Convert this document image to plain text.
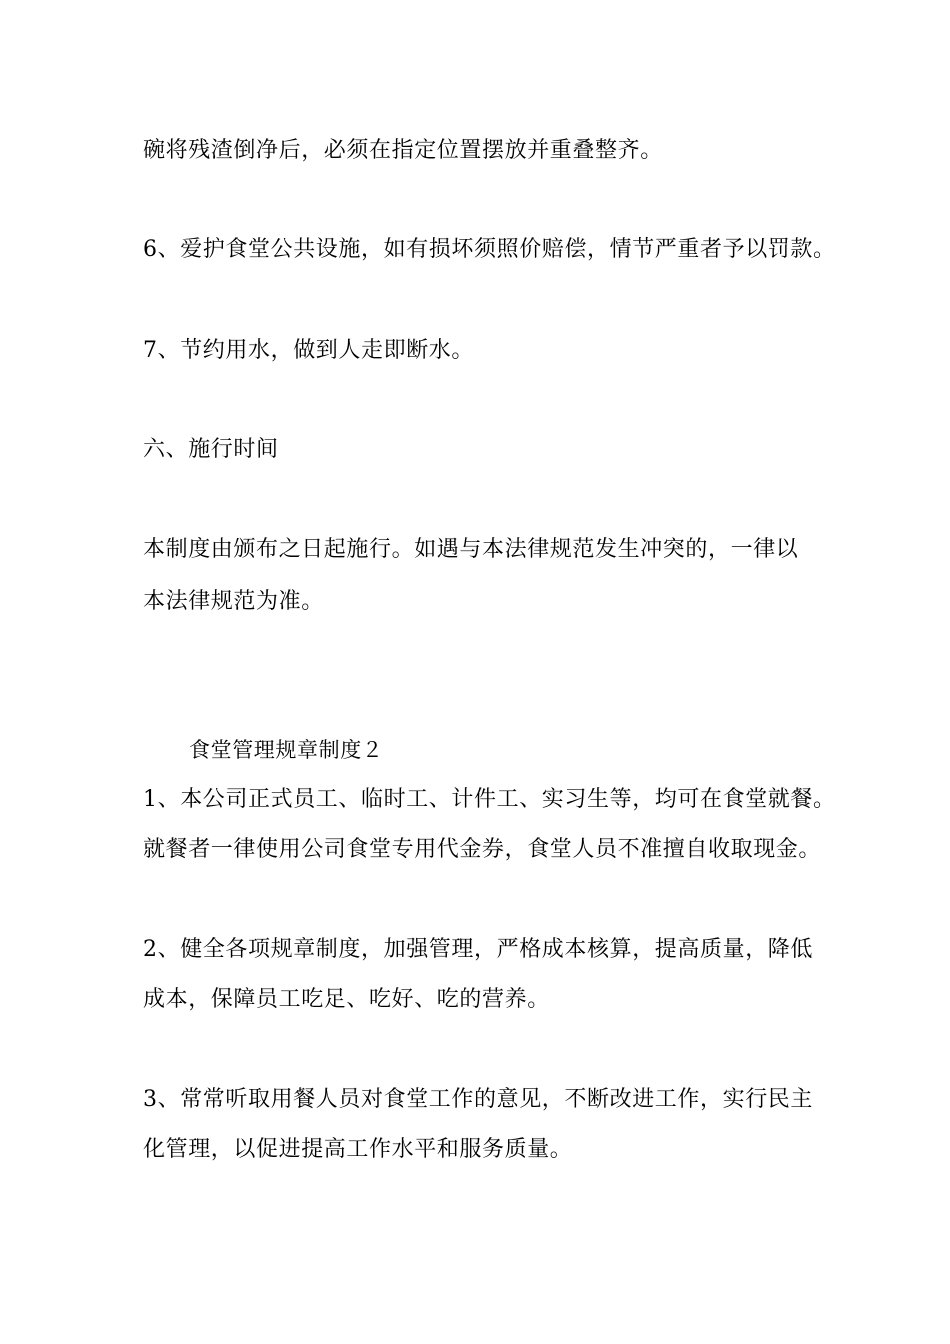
碗将残渣倒净后，必须在指定位置摆放并重叠整齐。
6、爱护食堂公共设施，如有损坏须照价赔偿，情节严重者予以罚款。
7、节约用水，做到人走即断水。
六、施行时间
本制度由颁布之日起施行。如遇与本法律规范发生冲突的，一律以
本法律规范为准。
食堂管理规章制度２
1、本公司正式员工、临时工、计件工、实习生等，均可在食堂就餐。
就餐者一律使用公司食堂专用代金券，食堂人员不准擅自收取现金。
2、健全各项规章制度，加强管理，严格成本核算，提高质量，降低
成本，保障员工吃足、吃好、吃的营养。
3、常常听取用餐人员对食堂工作的意见，不断改进工作，实行民主
化管理，以促进提高工作水平和服务质量。
